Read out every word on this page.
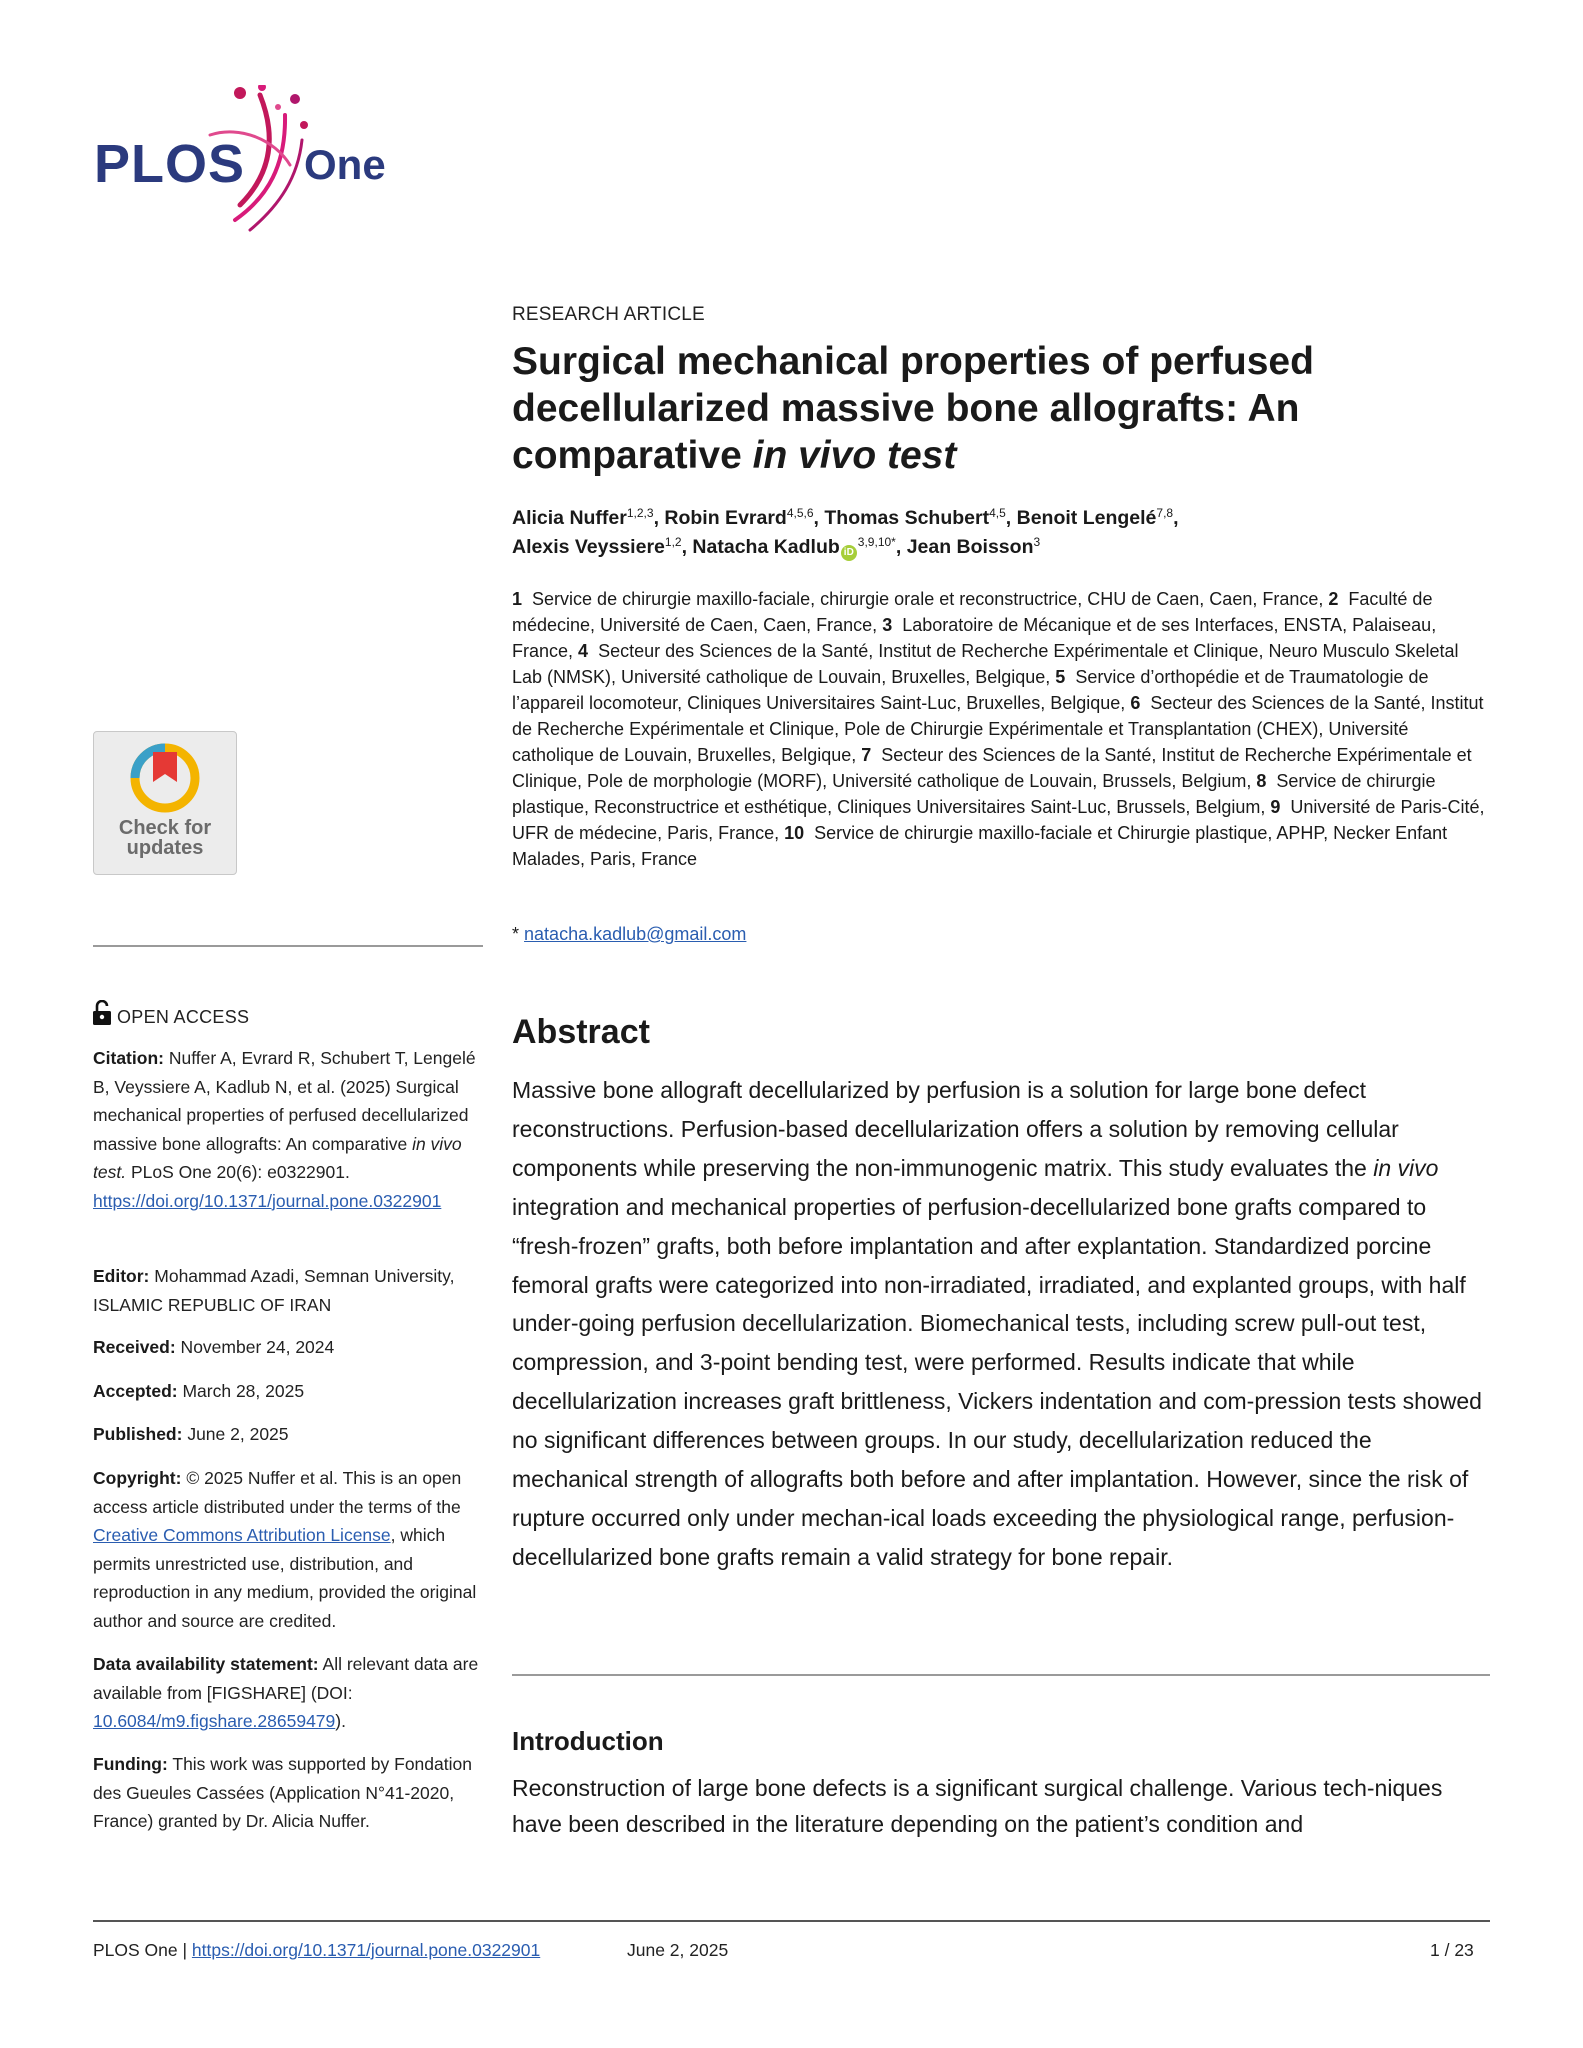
PLOS One
RESEARCH ARTICLE
Surgical mechanical properties of perfused decellularized massive bone allografts: An comparative in vivo test
Alicia Nuffer$^{1,2,3}$, Robin Evrard$^{4,5,6}$, Thomas Schubert$^{4,5}$, Benoit Lengelé$^{7,8}$,
Alexis Veyssiere$^{1,2}$, Natacha Kadlub $iD^{3,9,10*}$, Jean Boisson$^3$
1 Service de chirurgie maxillo-faciale, chirurgie orale et reconstructrice, CHU de Caen, Caen, France, 2 Faculté de médecine, Université de Caen, Caen, France, 3 Laboratoire de Mécanique et de ses Interfaces, ENSTA, Palaiseau, France, 4 Secteur des Sciences de la Santé, Institut de Recherche Expérimentale et Clinique, Neuro Musculo Skeletal Lab (NMSK), Université catholique de Louvain, Bruxelles, Belgique, 5 Service d’orthopédie et de Traumatologie de l’appareil locomoteur, Cliniques Universitaires Saint-Luc, Bruxelles, Belgique, 6 Secteur des Sciences de la Santé, Institut de Recherche Expérimentale et Clinique, Pole de Chirurgie Expérimentale et Transplantation (CHEX), Université catholique de Louvain, Bruxelles, Belgique, 7 Secteur des Sciences de la Santé, Institut de Recherche Expérimentale et Clinique, Pole de morphologie (MORF), Université catholique de Louvain, Brussels, Belgium, 8 Service de chirurgie plastique, Reconstructrice et esthétique, Cliniques Universitaires Saint-Luc, Brussels, Belgium, 9 Université de Paris-Cité, UFR de médecine, Paris, France, 10 Service de chirurgie maxillo-faciale et Chirurgie plastique, APHP, Necker Enfant Malades, Paris, France
* natacha.kadlub@gmail.com
Abstract

Massive bone allograft decellularized by perfusion is a solution for large bone defect reconstructions. Perfusion-based decellularization offers a solution by removing cellular components while preserving the non-immunogenic matrix. This study evaluates the in vivo integration and mechanical properties of perfusion-decellularized bone grafts compared to “fresh-frozen” grafts, both before implantation and after explantation. Standardized porcine femoral grafts were categorized into non-irradiated, irradiated, and explanted groups, with half under-going perfusion decellularization. Biomechanical tests, including screw pull-out test, compression, and 3-point bending test, were performed. Results indicate that while decellularization increases graft brittleness, Vickers indentation and com-pression tests showed no significant differences between groups. In our study, decellularization reduced the mechanical strength of allografts both before and after implantation. However, since the risk of rupture occurred only under mechan-ical loads exceeding the physiological range, perfusion-decellularized bone grafts remain a valid strategy for bone repair.

Introduction

Reconstruction of large bone defects is a significant surgical challenge. Various tech-niques have been described in the literature depending on the patient’s condition and

Check for
updates
OPEN ACCESS

Citation: Nuffer A, Evrard R, Schubert T, Lengelé B, Veyssiere A, Kadlub N, et al. (2025) Surgical mechanical properties of perfused decellularized massive bone allografts: An comparative in vivo test. PLoS One 20(6): e0322901. https://doi.org/10.1371/journal.pone.0322901

Editor: Mohammad Azadi, Semnan University, ISLAMIC REPUBLIC OF IRAN

Received: November 24, 2024

Accepted: March 28, 2025

Published: June 2, 2025

Copyright: © 2025 Nuffer et al. This is an open access article distributed under the terms of the Creative Commons Attribution License, which permits unrestricted use, distribution, and reproduction in any medium, provided the original author and source are credited.

Data availability statement: All relevant data are available from [FIGSHARE] (DOI: 10.6084/m9.figshare.28659479).

Funding: This work was supported by Fondation des Gueules Cassées (Application N°41-2020, France) granted by Dr. Alicia Nuffer.

PLOS One | https://doi.org/10.1371/journal.pone.0322901	June 2, 2025	1 / 23
